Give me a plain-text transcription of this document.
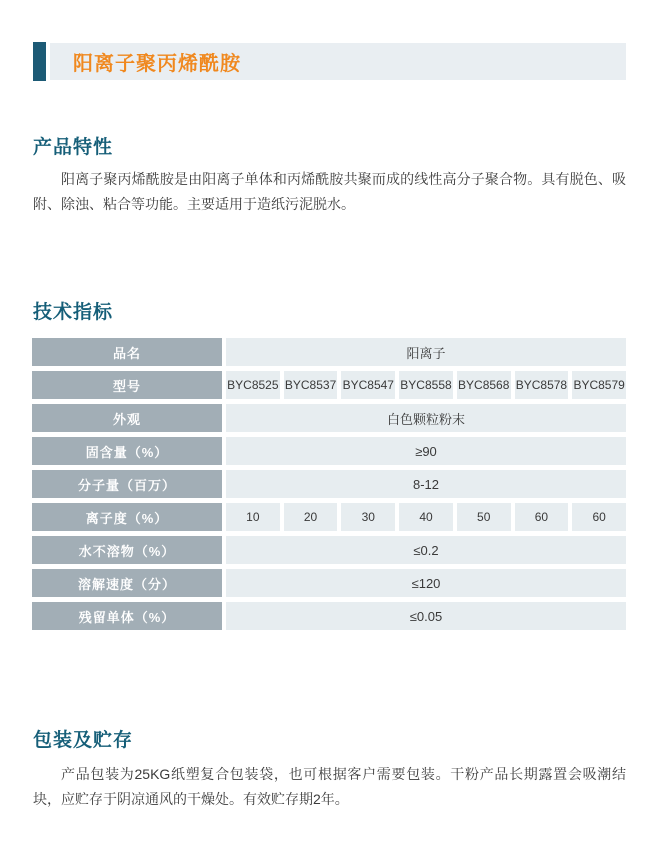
阳离子聚丙烯酰胺
产品特性

阳离子聚丙烯酰胺是由阳离子单体和丙烯酰胺共聚而成的线性高分子聚合物。具有脱色、吸附、除浊、粘合等功能。主要适用于造纸污泥脱水。

技术指标
品名	阳离子
型号	BYC8525 BYC8537 BYC8547 BYC8558 BYC8568 BYC8578 BYC8579
外观	白色颗粒粉末
固含量（%）	≥90
分子量（百万）	8-12
离子度（%）	10	20	30	40	50	60	60
水不溶物（%）	≤0.2
溶解速度（分）	≤120
残留单体（%）	≤0.05
包装及贮存

产品包装为25KG纸塑复合包装袋，也可根据客户需要包装。干粉产品长期露置会吸潮结块，应贮存于阴凉通风的干燥处。有效贮存期2年。
